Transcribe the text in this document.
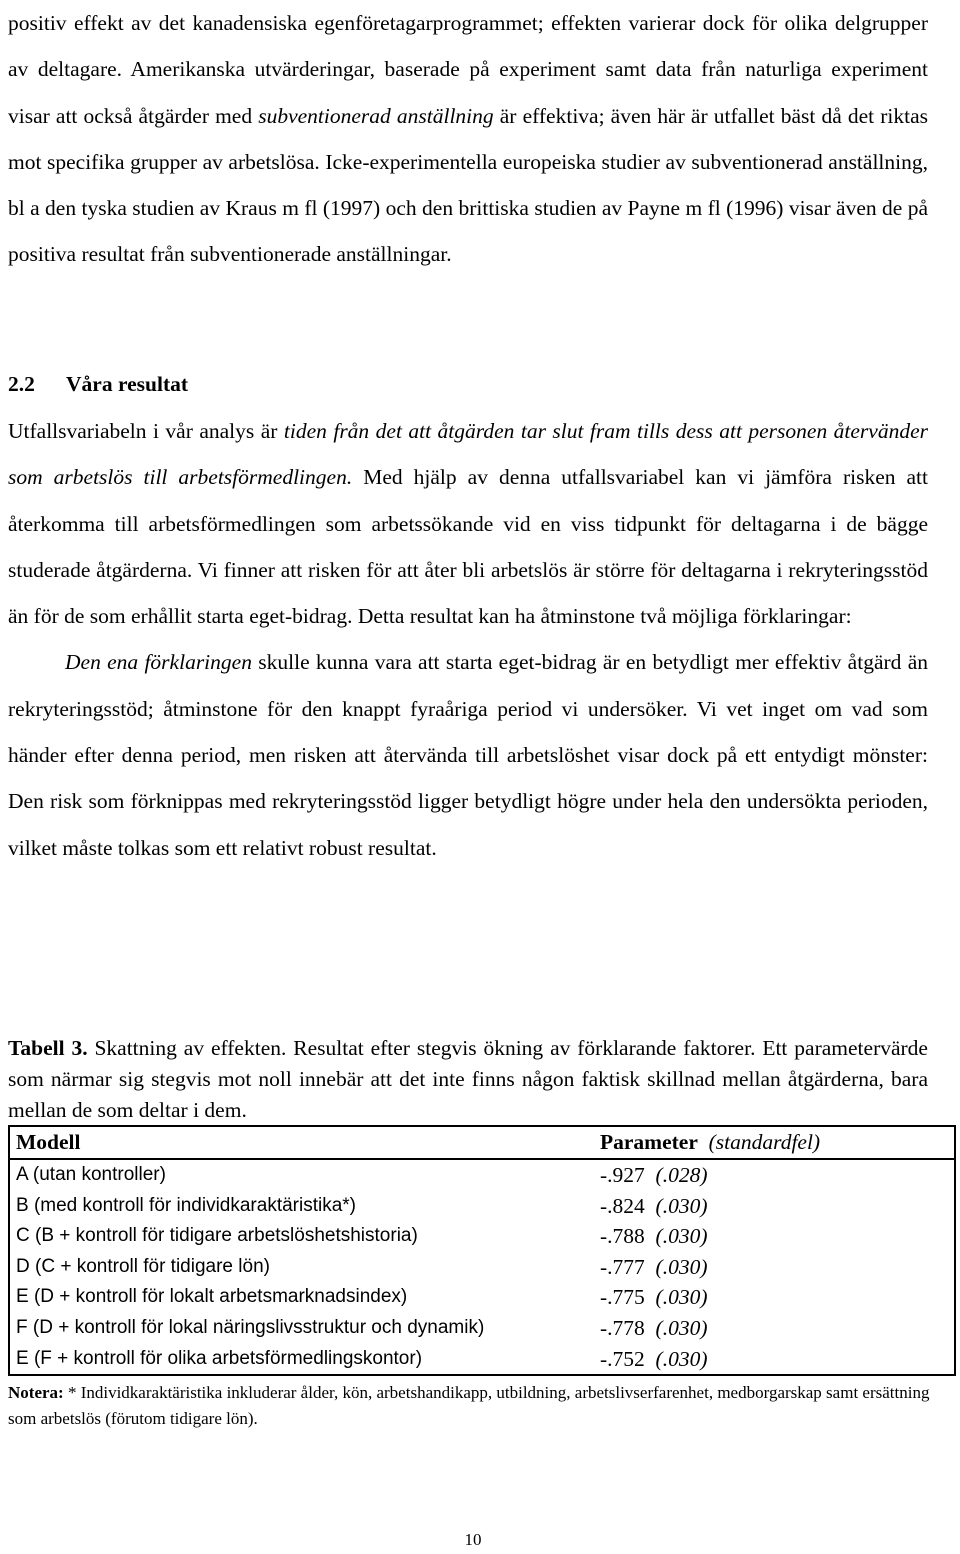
positiv effekt av det kanadensiska egenföretagarprogrammet; effekten varierar dock för olika delgrupper av deltagare. Amerikanska utvärderingar, baserade på experiment samt data från naturliga experiment visar att också åtgärder med subventionerad anställning är effektiva; även här är utfallet bäst då det riktas mot specifika grupper av arbetslösa. Icke-experimentella europeiska studier av subventionerad anställning, bl a den tyska studien av Kraus m fl (1997) och den brittiska studien av Payne m fl (1996) visar även de på positiva resultat från subventionerade anställningar.

2.2 Våra resultat

Utfallsvariabeln i vår analys är tiden från det att åtgärden tar slut fram tills dess att personen återvänder som arbetslös till arbetsförmedlingen. Med hjälp av denna utfallsvariabel kan vi jämföra risken att återkomma till arbetsförmedlingen som arbetssökande vid en viss tidpunkt för deltagarna i de bägge studerade åtgärderna. Vi finner att risken för att åter bli arbetslös är större för deltagarna i rekryteringsstöd än för de som erhållit starta eget-bidrag. Detta resultat kan ha åtminstone två möjliga förklaringar:

Den ena förklaringen skulle kunna vara att starta eget-bidrag är en betydligt mer effektiv åtgärd än rekryteringsstöd; åtminstone för den knappt fyraåriga period vi undersöker. Vi vet inget om vad som händer efter denna period, men risken att återvända till arbetslöshet visar dock på ett entydigt mönster: Den risk som förknippas med rekryteringsstöd ligger betydligt högre under hela den undersökta perioden, vilket måste tolkas som ett relativt robust resultat.

Tabell 3. Skattning av effekten. Resultat efter stegvis ökning av förklarande faktorer. Ett parametervärde som närmar sig stegvis mot noll innebär att det inte finns någon faktisk skillnad mellan åtgärderna, bara mellan de som deltar i dem.

Modell	Parameter (standardfel)
A (utan kontroller)	-.927 (.028)
B (med kontroll för individkaraktäristika*)	-.824 (.030)
C (B + kontroll för tidigare arbetslöshetshistoria)	-.788 (.030)
D (C + kontroll för tidigare lön)	-.777 (.030)
E (D + kontroll för lokalt arbetsmarknadsindex)	-.775 (.030)
F (D + kontroll för lokal näringslivsstruktur och dynamik)	-.778 (.030)
E (F + kontroll för olika arbetsförmedlingskontor)	-.752 (.030)

Notera: * Individkaraktäristika inkluderar ålder, kön, arbetshandikapp, utbildning, arbetslivserfarenhet, medborgarskap samt ersättning som arbetslös (förutom tidigare lön).

10
